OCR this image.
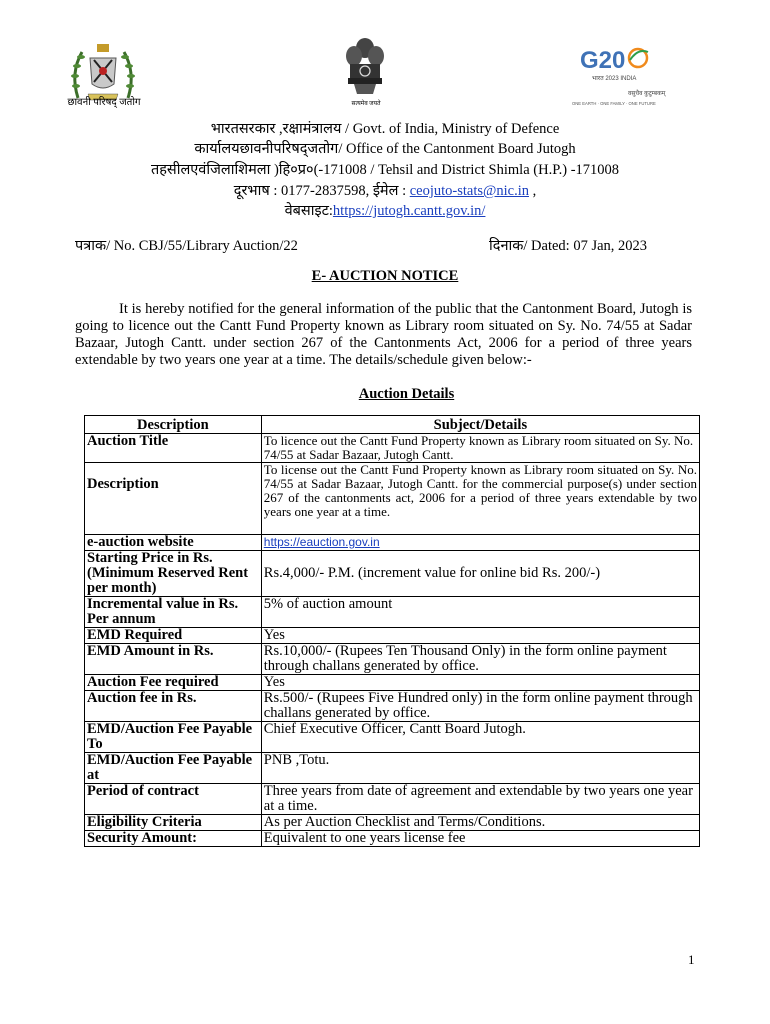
छावनी परिषद् जतोग	सत्यमेव जयते
G20
भारत 2023 INDIA
वसुधैव कुटुम्बकम्
ONE EARTH · ONE FAMILY · ONE FUTURE
भारतसरकार ,रक्षामंत्रालय / Govt. of India, Ministry of Defence
कार्यालयछावनीपरिषद्जतोग/ Office of the Cantonment Board Jutogh
तहसीलएवंजिलाशिमला )हि०प्र०(-171008 / Tehsil and District Shimla (H.P.) -171008
दूरभाष : 0177-2837598, ईमेल : ceojuto-stats@nic.in ,
वेबसाइट:https://jutogh.cantt.gov.in/
पत्राक/ No. CBJ/55/Library Auction/22	दिनाक/ Dated: 07 Jan, 2023
E- AUCTION NOTICE
It is hereby notified for the general information of the public that the Cantonment Board, Jutogh is going to licence out the Cantt Fund Property known as Library room situated on Sy. No. 74/55 at Sadar Bazaar, Jutogh Cantt. under section 267 of the Cantonments Act, 2006 for a period of three years extendable by two years one year at a time. The details/schedule given below:-
Auction Details
Description	Subject/Details
Auction Title	To licence out the Cantt Fund Property known as Library room situated on Sy. No. 74/55 at Sadar Bazaar, Jutogh Cantt.
Description	To license out the Cantt Fund Property known as Library room situated on Sy. No. 74/55 at Sadar Bazaar, Jutogh Cantt. for the commercial purpose(s) under section 267 of the cantonments act, 2006 for a period of three years extendable by two years one year at a time.
e-auction website	https://eauction.gov.in
Starting Price in Rs. (Minimum Reserved Rent per month)	Rs.4,000/- P.M. (increment value for online bid Rs. 200/-)
Incremental value in Rs. Per annum	5% of auction amount
EMD Required	Yes
EMD Amount in Rs.	Rs.10,000/- (Rupees Ten Thousand Only) in the form online payment through challans generated by office.
Auction Fee required	Yes
Auction fee in Rs.	Rs.500/- (Rupees Five Hundred only) in the form online payment through challans generated by office.
EMD/Auction Fee Payable To	Chief Executive Officer, Cantt Board Jutogh.
EMD/Auction Fee Payable at	PNB ,Totu.
Period of contract	Three years from date of agreement and extendable by two years one year at a time.
Eligibility Criteria	As per Auction Checklist and Terms/Conditions.
Security Amount:	Equivalent to one years license fee
1
